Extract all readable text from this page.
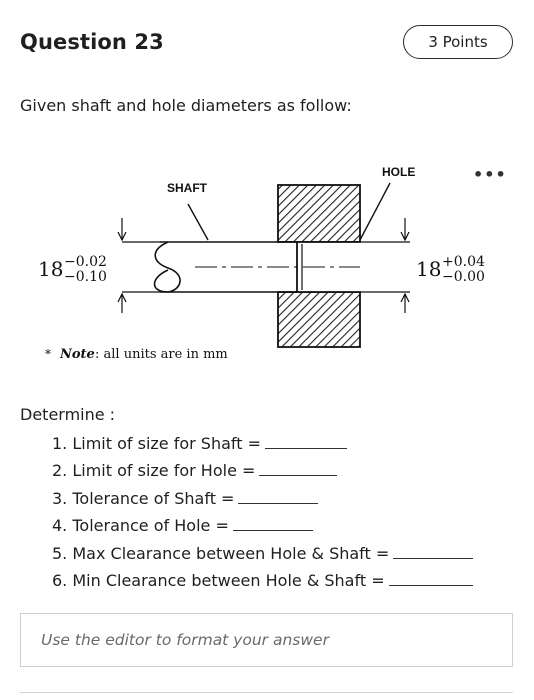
Question 23	3 Points
Given shaft and hole diameters as follow:
•••
SHAFT
HOLE
18 −0.02
−0.10	18 +0.04
−0.00
* Note : all units are in mm
Determine :
1. Limit of size for Shaft =
2. Limit of size for Hole =
3. Tolerance of Shaft =
4. Tolerance of Hole =
5. Max Clearance between Hole & Shaft =
6. Min Clearance between Hole & Shaft =
Use the editor to format your answer
